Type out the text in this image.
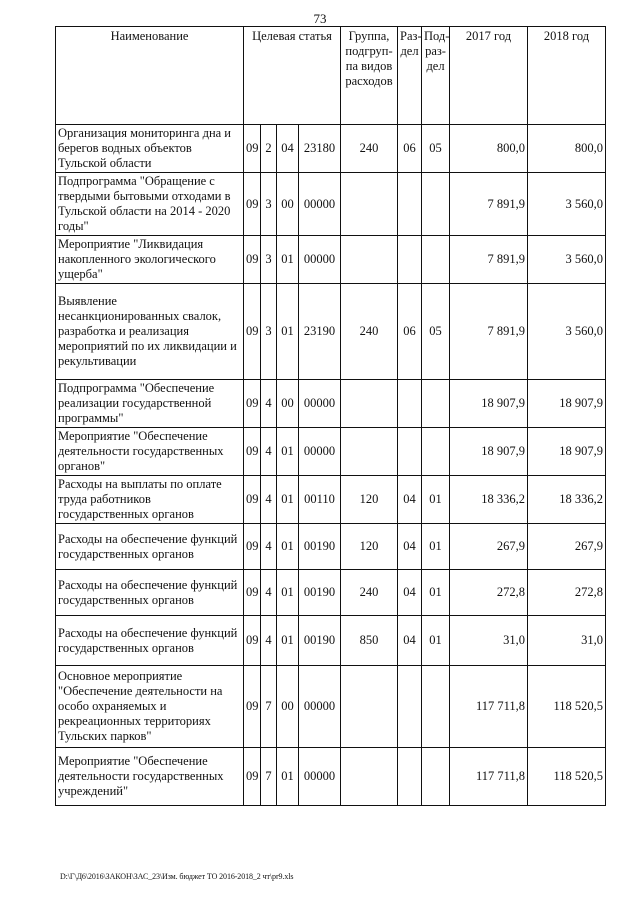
73
Наименование	Целевая статья				Группа, подгруп-па видов расходов	Раз-дел	Под-раз-дел	2017 год	2018 год
Организация мониторинга дна и берегов водных объектов Тульской области	09	2	04	23180	240	06	05	800,0	800,0
Подпрограмма "Обращение с твердыми бытовыми отходами в Тульской области на 2014 - 2020 годы"	09	3	00	00000				7 891,9	3 560,0
Мероприятие "Ликвидация накопленного экологического ущерба"	09	3	01	00000				7 891,9	3 560,0
Выявление несанкционированных свалок, разработка и реализация мероприятий по их ликвидации и рекультивации	09	3	01	23190	240	06	05	7 891,9	3 560,0
Подпрограмма "Обеспечение реализации государственной программы"	09	4	00	00000				18 907,9	18 907,9
Мероприятие "Обеспечение деятельности государственных органов"	09	4	01	00000				18 907,9	18 907,9
Расходы на выплаты по оплате труда работников государственных органов	09	4	01	00110	120	04	01	18 336,2	18 336,2
Расходы на обеспечение функций государственных органов	09	4	01	00190	120	04	01	267,9	267,9
Расходы на обеспечение функций государственных органов	09	4	01	00190	240	04	01	272,8	272,8
Расходы на обеспечение функций государственных органов	09	4	01	00190	850	04	01	31,0	31,0
Основное мероприятие "Обеспечение деятельности на особо охраняемых и рекреационных территориях Тульских парков"	09	7	00	00000				117 711,8	118 520,5
Мероприятие "Обеспечение деятельности государственных учреждений"	09	7	01	00000				117 711,8	118 520,5
D:\Г\Д6\2016\ЗАКОН\ЗАС_23\Изм. бюджет ТО 2016-2018_2 чт\pr9.xls
